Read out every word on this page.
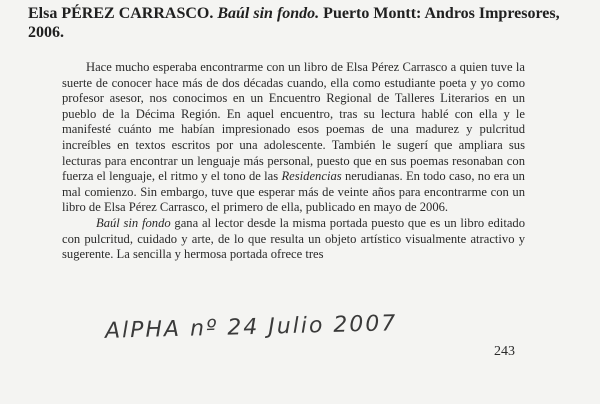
Elsa PÉREZ CARRASCO. Baúl sin fondo. Puerto Montt: Andros Impresores, 2006.

Hace mucho esperaba encontrarme con un libro de Elsa Pérez Carrasco a quien tuve la suerte de conocer hace más de dos décadas cuando, ella como estudiante poeta y yo como profesor asesor, nos conocimos en un Encuentro Regional de Talleres Literarios en un pueblo de la Décima Región. En aquel encuentro, tras su lectura hablé con ella y le manifesté cuánto me habían impresionado esos poemas de una madurez y pulcritud increíbles en textos escritos por una adolescente. También le sugerí que ampliara sus lecturas para encontrar un lenguaje más personal, puesto que en sus poemas resonaban con fuerza el lenguaje, el ritmo y el tono de las Residencias nerudianas. En todo caso, no era un mal comienzo. Sin embargo, tuve que esperar más de veinte años para encontrarme con un libro de Elsa Pérez Carrasco, el primero de ella, publicado en mayo de 2006.

Baúl sin fondo gana al lector desde la misma portada puesto que es un libro editado con pulcritud, cuidado y arte, de lo que resulta un objeto artístico visualmente atractivo y sugerente. La sencilla y hermosa portada ofrece tres

AlPHA nº 24 Julio 2007
243
